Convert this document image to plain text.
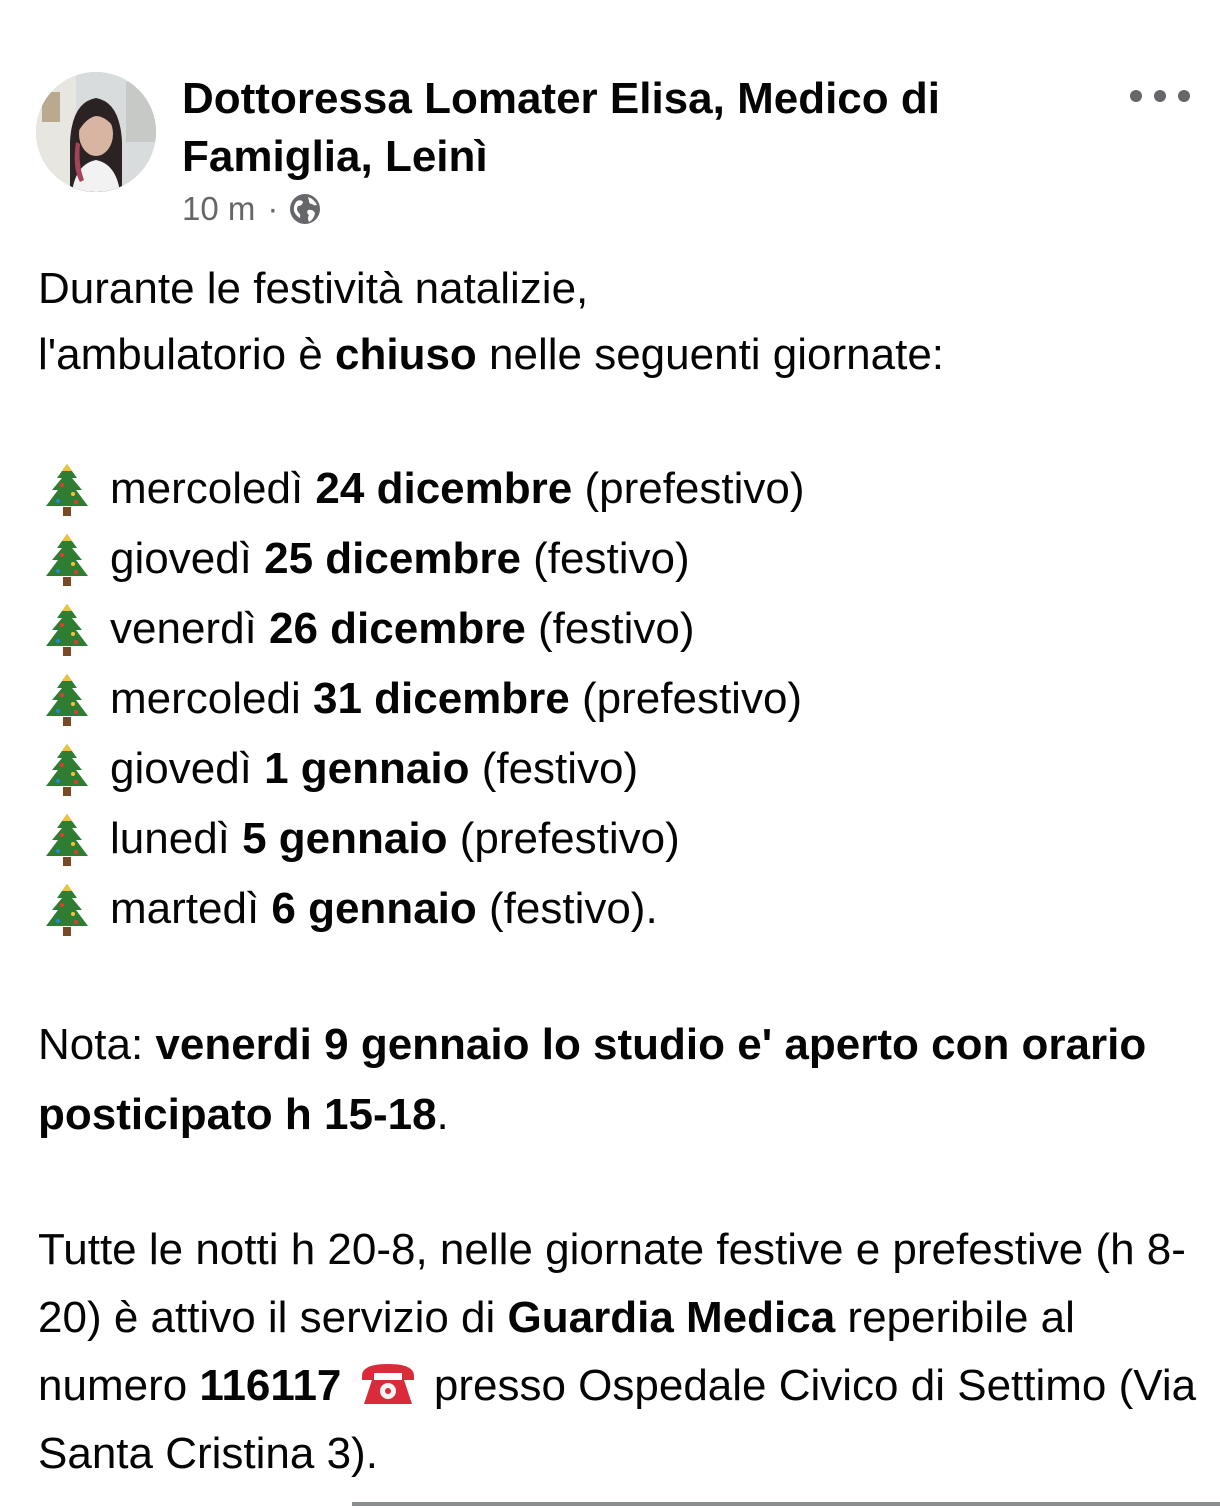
Dottoressa Lomater Elisa, Medico di Famiglia, Leinì
10 m ·

Durante le festività natalizie,
l'ambulatorio è chiuso nelle seguenti giornate:

mercoledì 24 dicembre (prefestivo)
giovedì 25 dicembre (festivo)
venerdì 26 dicembre (festivo)
mercoledi 31 dicembre (prefestivo)
giovedì 1 gennaio (festivo)
lunedì 5 gennaio (prefestivo)
martedì 6 gennaio (festivo).

Nota: venerdi 9 gennaio lo studio e' aperto con orario posticipato h 15-18.

Tutte le notti h 20-8, nelle giornate festive e prefestive (h 8-20) è attivo il servizio di Guardia Medica reperibile al numero 116117  presso Ospedale Civico di Settimo (Via Santa Cristina 3).
